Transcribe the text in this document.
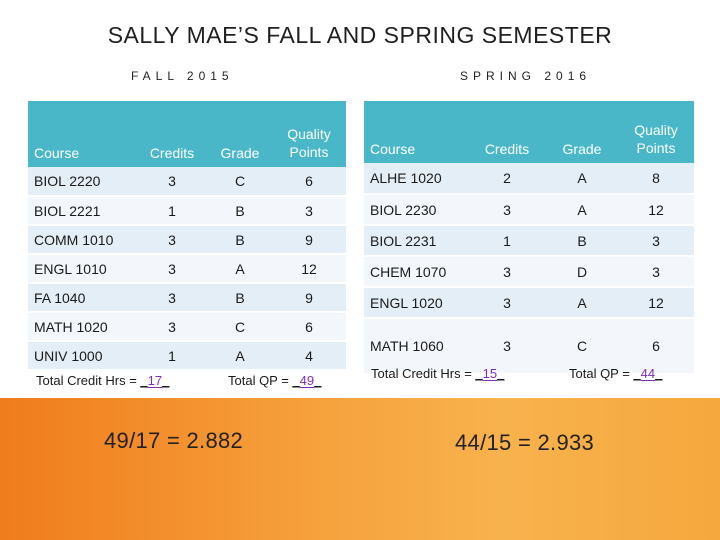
SALLY MAE’S FALL AND SPRING SEMESTER
FALL 2015	SPRING 2016
Course	Credits	Grade	Quality Points
BIOL 2220	3	C	6
BIOL 2221	1	B	3
COMM 1010	3	B	9
ENGL 1010	3	A	12
FA 1040	3	B	9
MATH 1020	3	C	6
UNIV 1000	1	A	4
Course	Credits	Grade	Quality Points
ALHE 1020	2	A	8
BIOL 2230	3	A	12
BIOL 2231	1	B	3
CHEM 1070	3	D	3
ENGL 1020	3	A	12
MATH 1060	3	C	6
Total Credit Hrs = _17_	Total QP = _49_	Total Credit Hrs = _15_	Total QP = _44_
49/17 = 2.882	44/15 = 2.933
